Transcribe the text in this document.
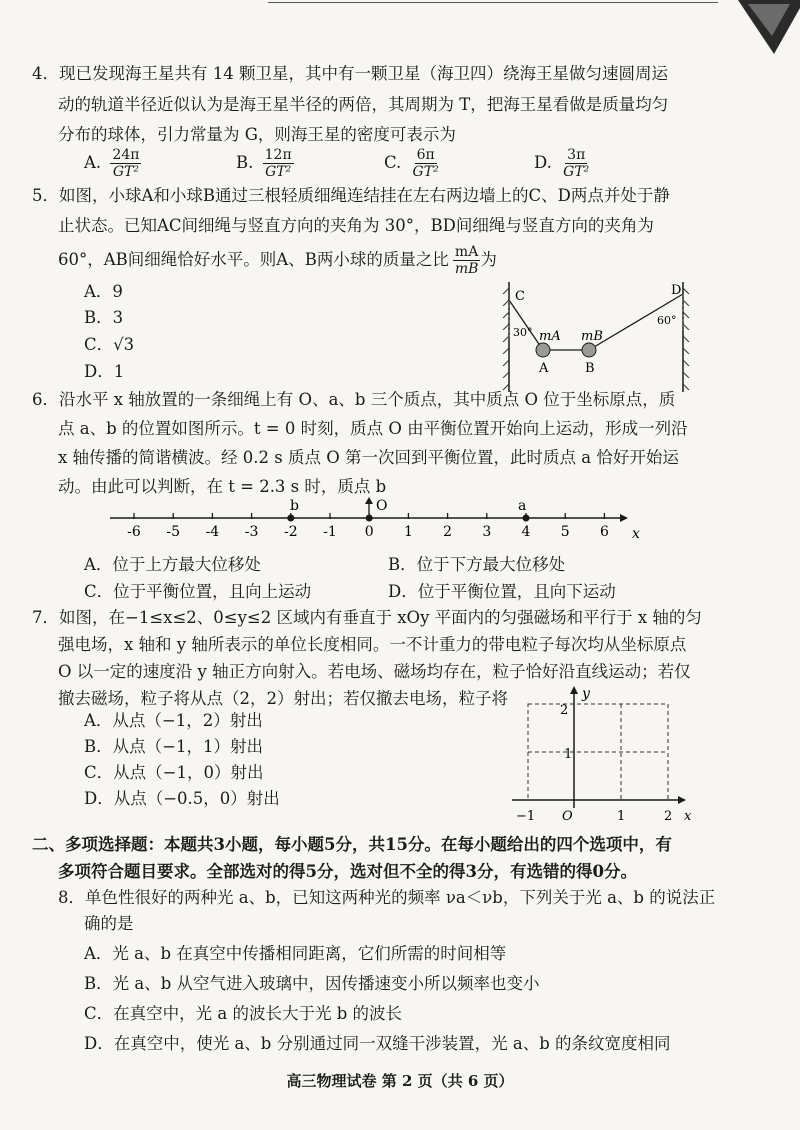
4．现已发现海王星共有 14 颗卫星，其中有一颗卫星（海卫四）绕海王星做匀速圆周运
动的轨道半径近似认为是海王星半径的两倍，其周期为 T，把海王星看做是质量均匀
分布的球体，引力常量为 G，则海王星的密度可表示为
A. $\frac{24\pi}{\text{GT²}}$	B. $\frac{12\pi}{\text{GT²}}$	C. $\frac{6\pi}{\text{GT²}}$	D. $\frac{3\pi}{\text{GT²}}$
5．如图，小球A和小球B通过三根轻质细绳连结挂在左右两边墙上的C、D两点并处于静
止状态。已知AC间细绳与竖直方向的夹角为 30°，BD间细绳与竖直方向的夹角为
60°，AB间细绳恰好水平。则A、B两小球的质量之比 $\frac{mA}{mB}$ 为
A．9
B．3
C．√3
D．1
C	D
30°
60°
mA mB
A	B
6．沿水平 x 轴放置的一条细绳上有 O、a、b 三个质点，其中质点 O 位于坐标原点，质
点 a、b 的位置如图所示。t = 0 时刻，质点 O 由平衡位置开始向上运动，形成一列沿
x 轴传播的简谐横波。经 0.2 s 质点 O 第一次回到平衡位置，此时质点 a 恰好开始运
动。由此可以判断，在 t = 2.3 s 时，质点 b
-6 -5 -4 -3 -2 -1 0 1 2 3 4 5 6
b	a
O
x
A．位于上方最大位移处	B．位于下方最大位移处
C．位于平衡位置，且向上运动	D．位于平衡位置，且向下运动
7．如图，在−1≤x≤2、0≤y≤2 区域内有垂直于 xOy 平面内的匀强磁场和平行于 x 轴的匀
强电场，x 轴和 y 轴所表示的单位长度相同。一不计重力的带电粒子每次均从坐标原点
O 以一定的速度沿 y 轴正方向射入。若电场、磁场均存在，粒子恰好沿直线运动；若仅
撤去磁场，粒子将从点（2，2）射出；若仅撤去电场，粒子将
A．从点（−1，2）射出
B．从点（−1，1）射出
C．从点（−1，0）射出
D．从点（−0.5，0）射出
y
2
1
−1 O	1	2 x
二、多项选择题：本题共3小题，每小题5分，共15分。在每小题给出的四个选项中，有
多项符合题目要求。全部选对的得5分，选对但不全的得3分，有选错的得0分。
8．单色性很好的两种光 a、b，已知这两种光的频率 νa＜νb，下列关于光 a、b 的说法正
确的是
A．光 a、b 在真空中传播相同距离，它们所需的时间相等
B．光 a、b 从空气进入玻璃中，因传播速变小所以频率也变小
C．在真空中，光 a 的波长大于光 b 的波长
D．在真空中，使光 a、b 分别通过同一双缝干涉装置，光 a、b 的条纹宽度相同
高三物理试卷 第 2 页（共 6 页）
